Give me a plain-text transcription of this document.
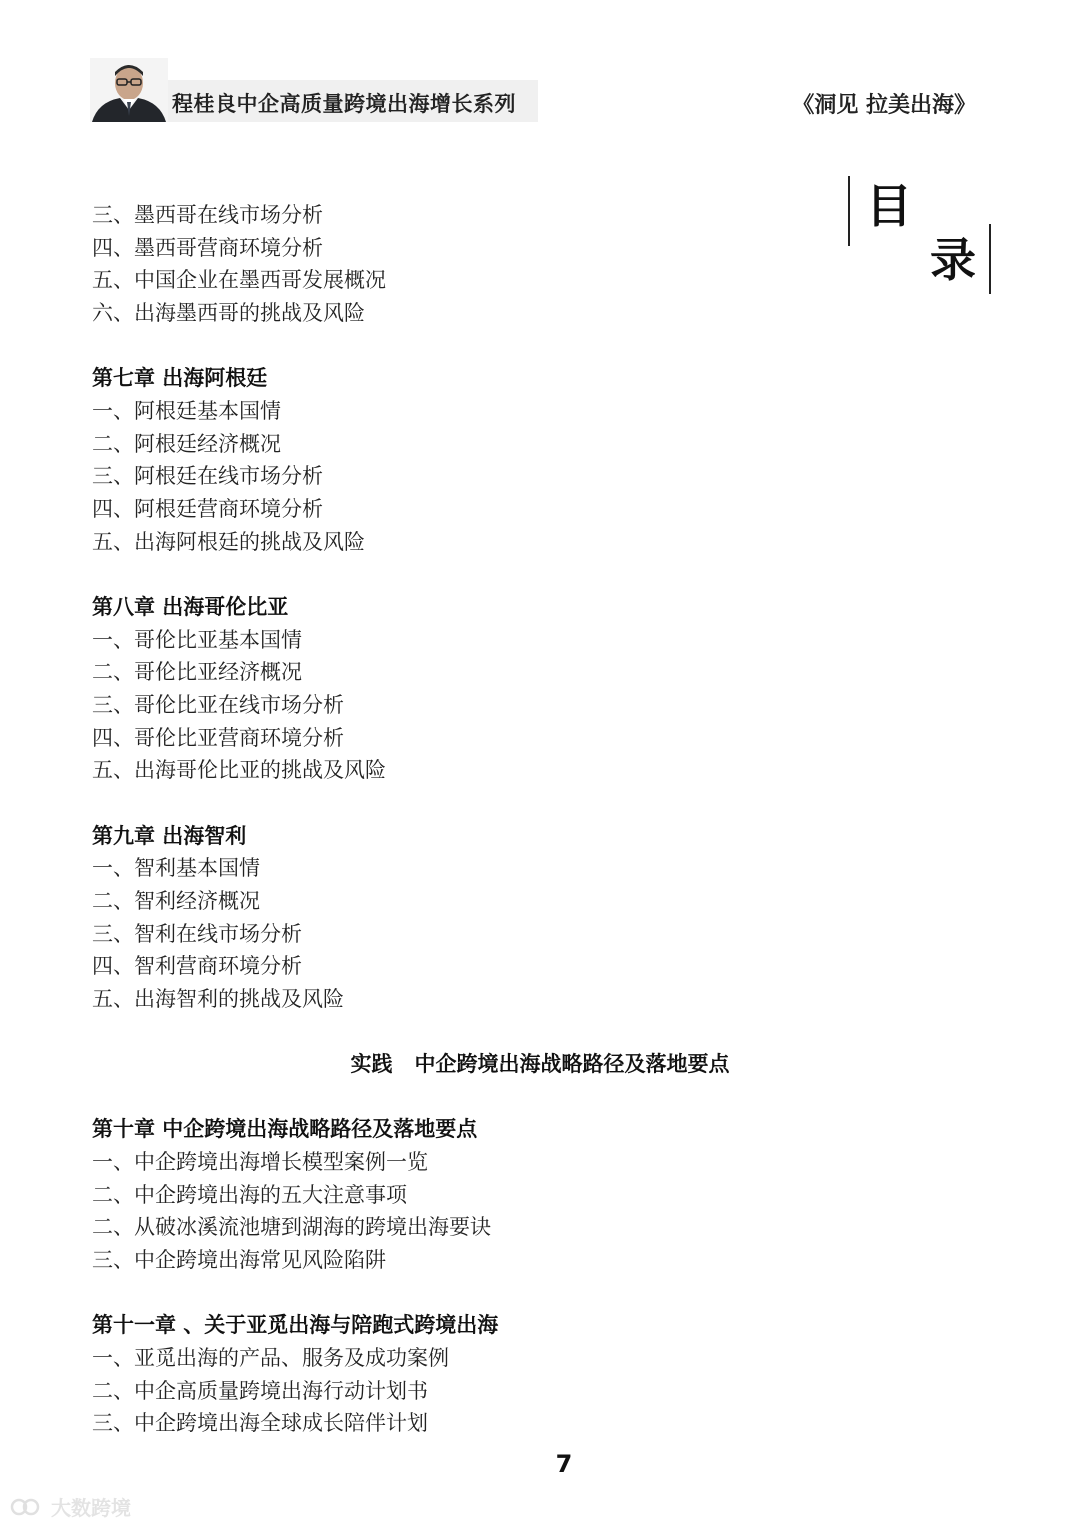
程桂良中企高质量跨境出海增长系列	《洞见 拉美出海》
目
录
三、墨西哥在线市场分析
四、墨西哥营商环境分析
五、中国企业在墨西哥发展概况
六、出海墨西哥的挑战及风险
第七章 出海阿根廷
一、阿根廷基本国情
二、阿根廷经济概况
三、阿根廷在线市场分析
四、阿根廷营商环境分析
五、出海阿根廷的挑战及风险
第八章 出海哥伦比亚
一、哥伦比亚基本国情
二、哥伦比亚经济概况
三、哥伦比亚在线市场分析
四、哥伦比亚营商环境分析
五、出海哥伦比亚的挑战及风险
第九章 出海智利
一、智利基本国情
二、智利经济概况
三、智利在线市场分析
四、智利营商环境分析
五、出海智利的挑战及风险
实践   中企跨境出海战略路径及落地要点
第十章 中企跨境出海战略路径及落地要点
一、中企跨境出海增长模型案例一览
二、中企跨境出海的五大注意事项
二、从破冰溪流池塘到湖海的跨境出海要诀
三、中企跨境出海常见风险陷阱
第十一章 、关于亚觅出海与陪跑式跨境出海
一、亚觅出海的产品、服务及成功案例
二、中企高质量跨境出海行动计划书
三、中企跨境出海全球成长陪伴计划
7
大数跨境
